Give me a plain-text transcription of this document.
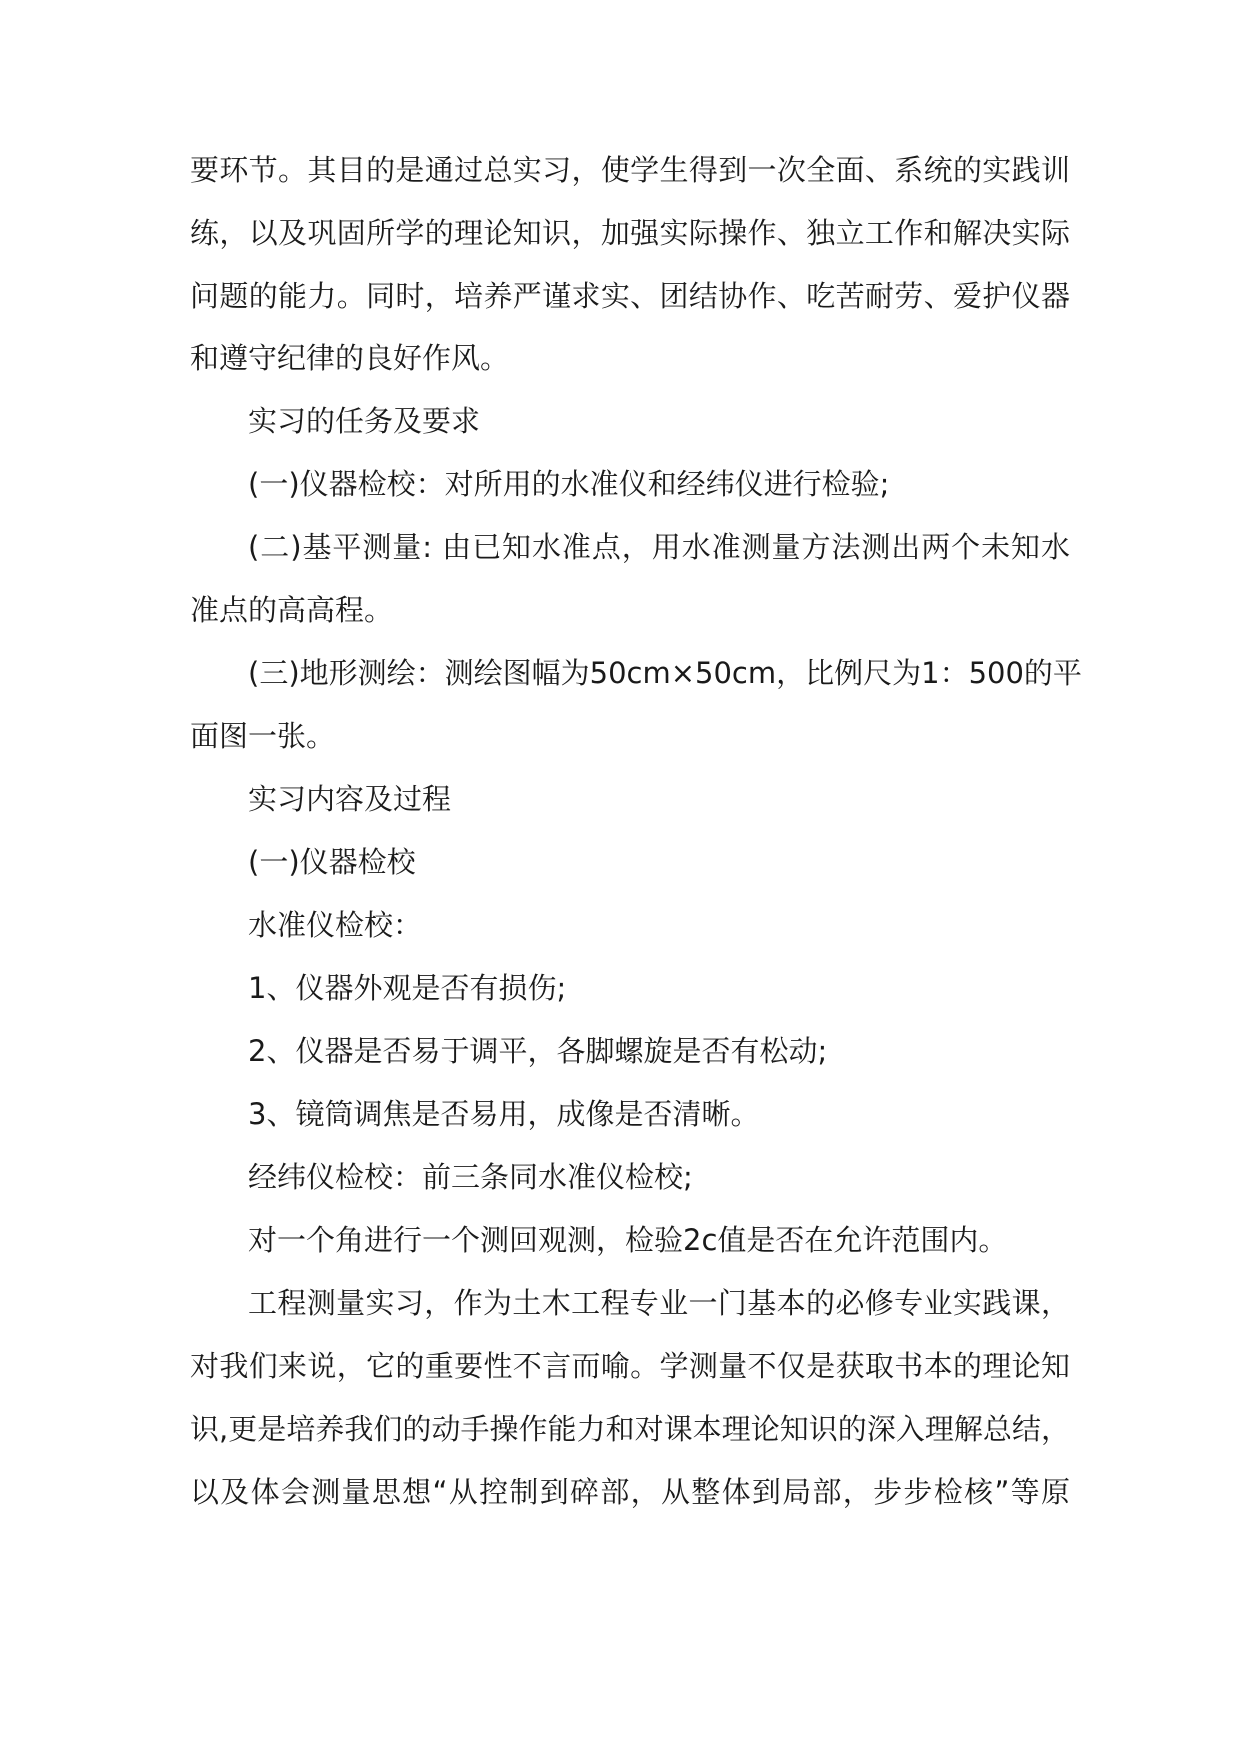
要环节。其目的是通过总实习，使学生得到一次全面、系统的实践训
练，以及巩固所学的理论知识，加强实际操作、独立工作和解决实际
问题的能力。同时，培养严谨求实、团结协作、吃苦耐劳、爱护仪器
和遵守纪律的良好作风。
实习的任务及要求
(一)仪器检校：对所用的水准仪和经纬仪进行检验;
(二)基平测量: 由已知水准点，用水准测量方法测出两个未知水
准点的高高程。
(三)地形测绘：测绘图幅为50cm×50cm，比例尺为1：500的平
面图一张。
实习内容及过程
(一)仪器检校
水准仪检校：
1、仪器外观是否有损伤;
2、仪器是否易于调平，各脚螺旋是否有松动;
3、镜筒调焦是否易用，成像是否清晰。
经纬仪检校：前三条同水准仪检校;
对一个角进行一个测回观测，检验2c值是否在允许范围内。
工程测量实习，作为土木工程专业一门基本的必修专业实践课，
对我们来说，它的重要性不言而喻。学测量不仅是获取书本的理论知
识,更是培养我们的动手操作能力和对课本理论知识的深入理解总结，
以及体会测量思想“从控制到碎部，从整体到局部，步步检核”等原
